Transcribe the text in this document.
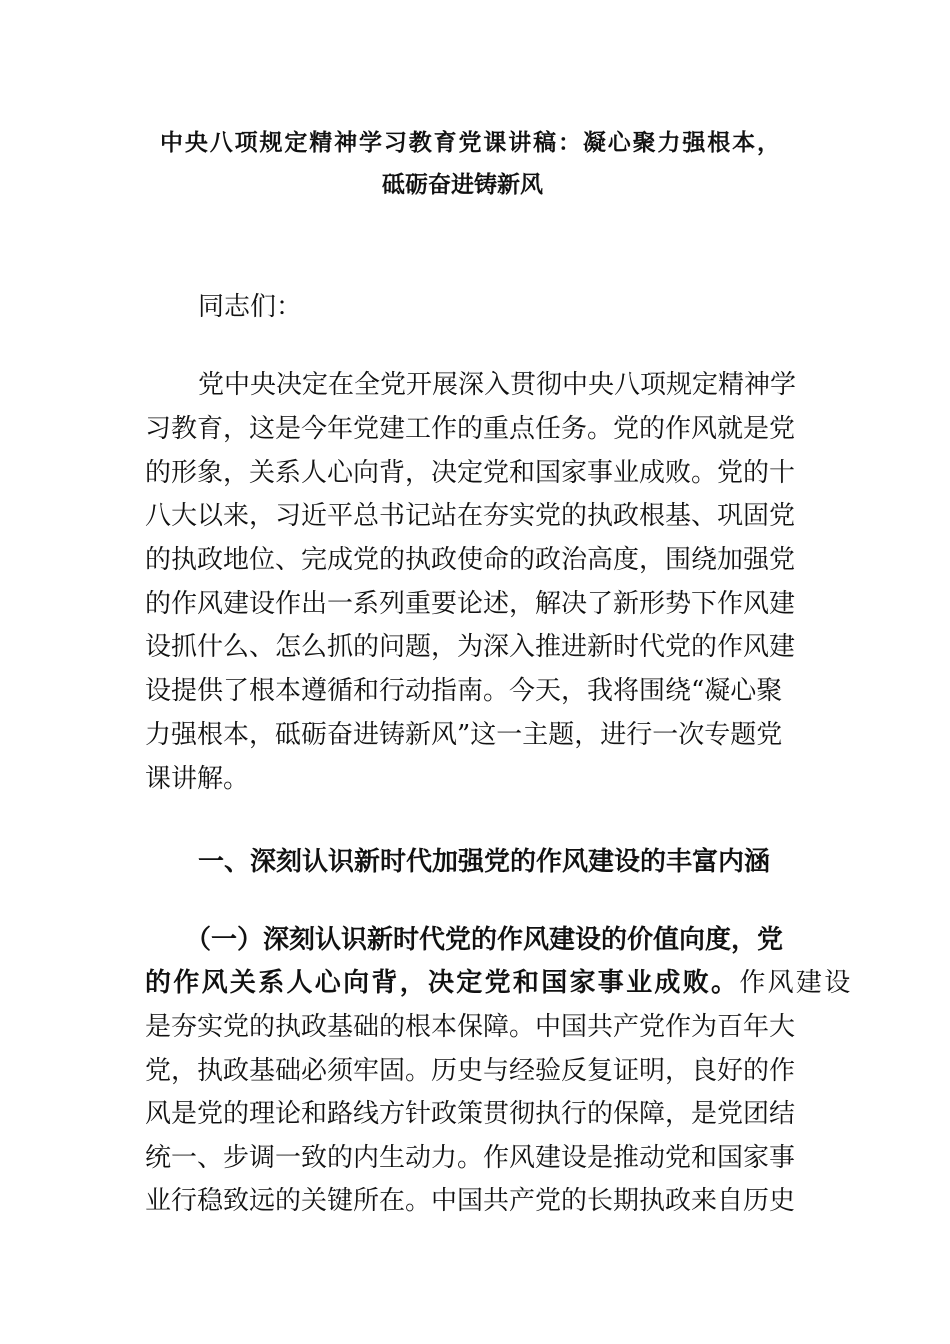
中央八项规定精神学习教育党课讲稿：凝心聚力强根本，
砥砺奋进铸新风
同志们：
党中央决定在全党开展深入贯彻中央八项规定精神学
习教育，这是今年党建工作的重点任务。党的作风就是党
的形象，关系人心向背，决定党和国家事业成败。党的十
八大以来，习近平总书记站在夯实党的执政根基、巩固党
的执政地位、完成党的执政使命的政治高度，围绕加强党
的作风建设作出一系列重要论述，解决了新形势下作风建
设抓什么、怎么抓的问题，为深入推进新时代党的作风建
设提供了根本遵循和行动指南。今天，我将围绕“凝心聚
力强根本，砥砺奋进铸新风”这一主题，进行一次专题党
课讲解。
一、深刻认识新时代加强党的作风建设的丰富内涵
（一）深刻认识新时代党的作风建设的价值向度，党
的作风关系人心向背，决定党和国家事业成败。作风建设
是夯实党的执政基础的根本保障。中国共产党作为百年大
党，执政基础必须牢固。历史与经验反复证明，良好的作
风是党的理论和路线方针政策贯彻执行的保障，是党团结
统一、步调一致的内生动力。作风建设是推动党和国家事
业行稳致远的关键所在。中国共产党的长期执政来自历史
